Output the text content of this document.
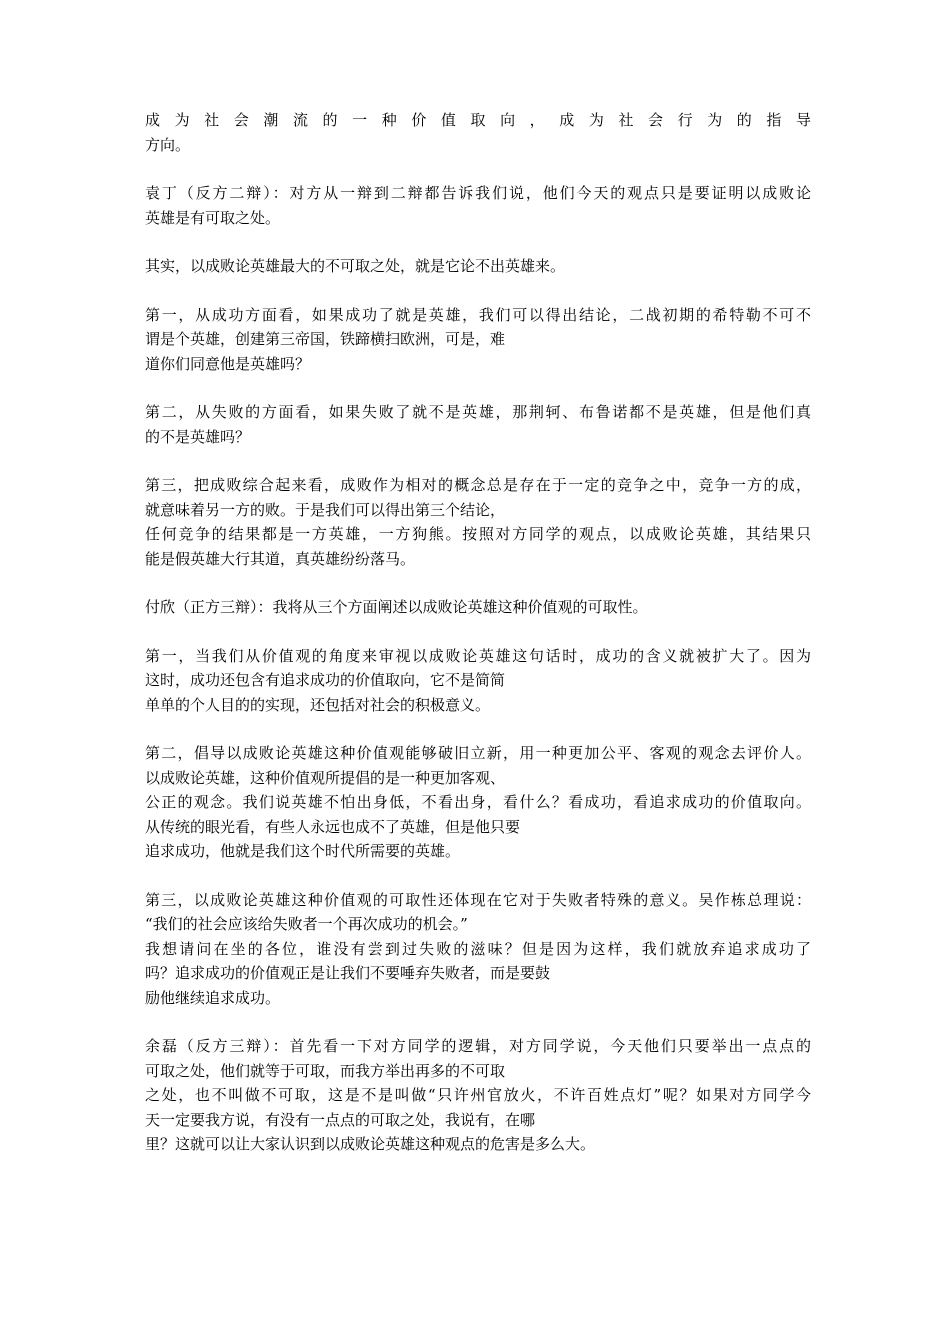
成为社会潮流的一种价值取向，成为社会行为的指导
方向。
袁丁（反方二辩）：对方从一辩到二辩都告诉我们说，他们今天的观点只是要证明以成败论
英雄是有可取之处。
其实，以成败论英雄最大的不可取之处，就是它论不出英雄来。
第一，从成功方面看，如果成功了就是英雄，我们可以得出结论，二战初期的希特勒不可不
谓是个英雄，创建第三帝国，铁蹄横扫欧洲，可是，难
道你们同意他是英雄吗？
第二，从失败的方面看，如果失败了就不是英雄，那荆轲、布鲁诺都不是英雄，但是他们真
的不是英雄吗？
第三，把成败综合起来看，成败作为相对的概念总是存在于一定的竞争之中，竞争一方的成，
就意味着另一方的败。于是我们可以得出第三个结论，
任何竞争的结果都是一方英雄，一方狗熊。按照对方同学的观点，以成败论英雄，其结果只
能是假英雄大行其道，真英雄纷纷落马。
付欣（正方三辩）：我将从三个方面阐述以成败论英雄这种价值观的可取性。
第一，当我们从价值观的角度来审视以成败论英雄这句话时，成功的含义就被扩大了。因为
这时，成功还包含有追求成功的价值取向，它不是简简
单单的个人目的的实现，还包括对社会的积极意义。
第二，倡导以成败论英雄这种价值观能够破旧立新，用一种更加公平、客观的观念去评价人。
以成败论英雄，这种价值观所提倡的是一种更加客观、
公正的观念。我们说英雄不怕出身低，不看出身，看什么？看成功，看追求成功的价值取向。
从传统的眼光看，有些人永远也成不了英雄，但是他只要
追求成功，他就是我们这个时代所需要的英雄。
第三，以成败论英雄这种价值观的可取性还体现在它对于失败者特殊的意义。吴作栋总理说：
“我们的社会应该给失败者一个再次成功的机会。”
我想请问在坐的各位，谁没有尝到过失败的滋味？但是因为这样，我们就放弃追求成功了
吗？追求成功的价值观正是让我们不要唾弃失败者，而是要鼓
励他继续追求成功。
余磊（反方三辩）：首先看一下对方同学的逻辑，对方同学说，今天他们只要举出一点点的
可取之处，他们就等于可取，而我方举出再多的不可取
之处，也不叫做不可取，这是不是叫做“只许州官放火，不许百姓点灯”呢？如果对方同学今
天一定要我方说，有没有一点点的可取之处，我说有，在哪
里？这就可以让大家认识到以成败论英雄这种观点的危害是多么大。
